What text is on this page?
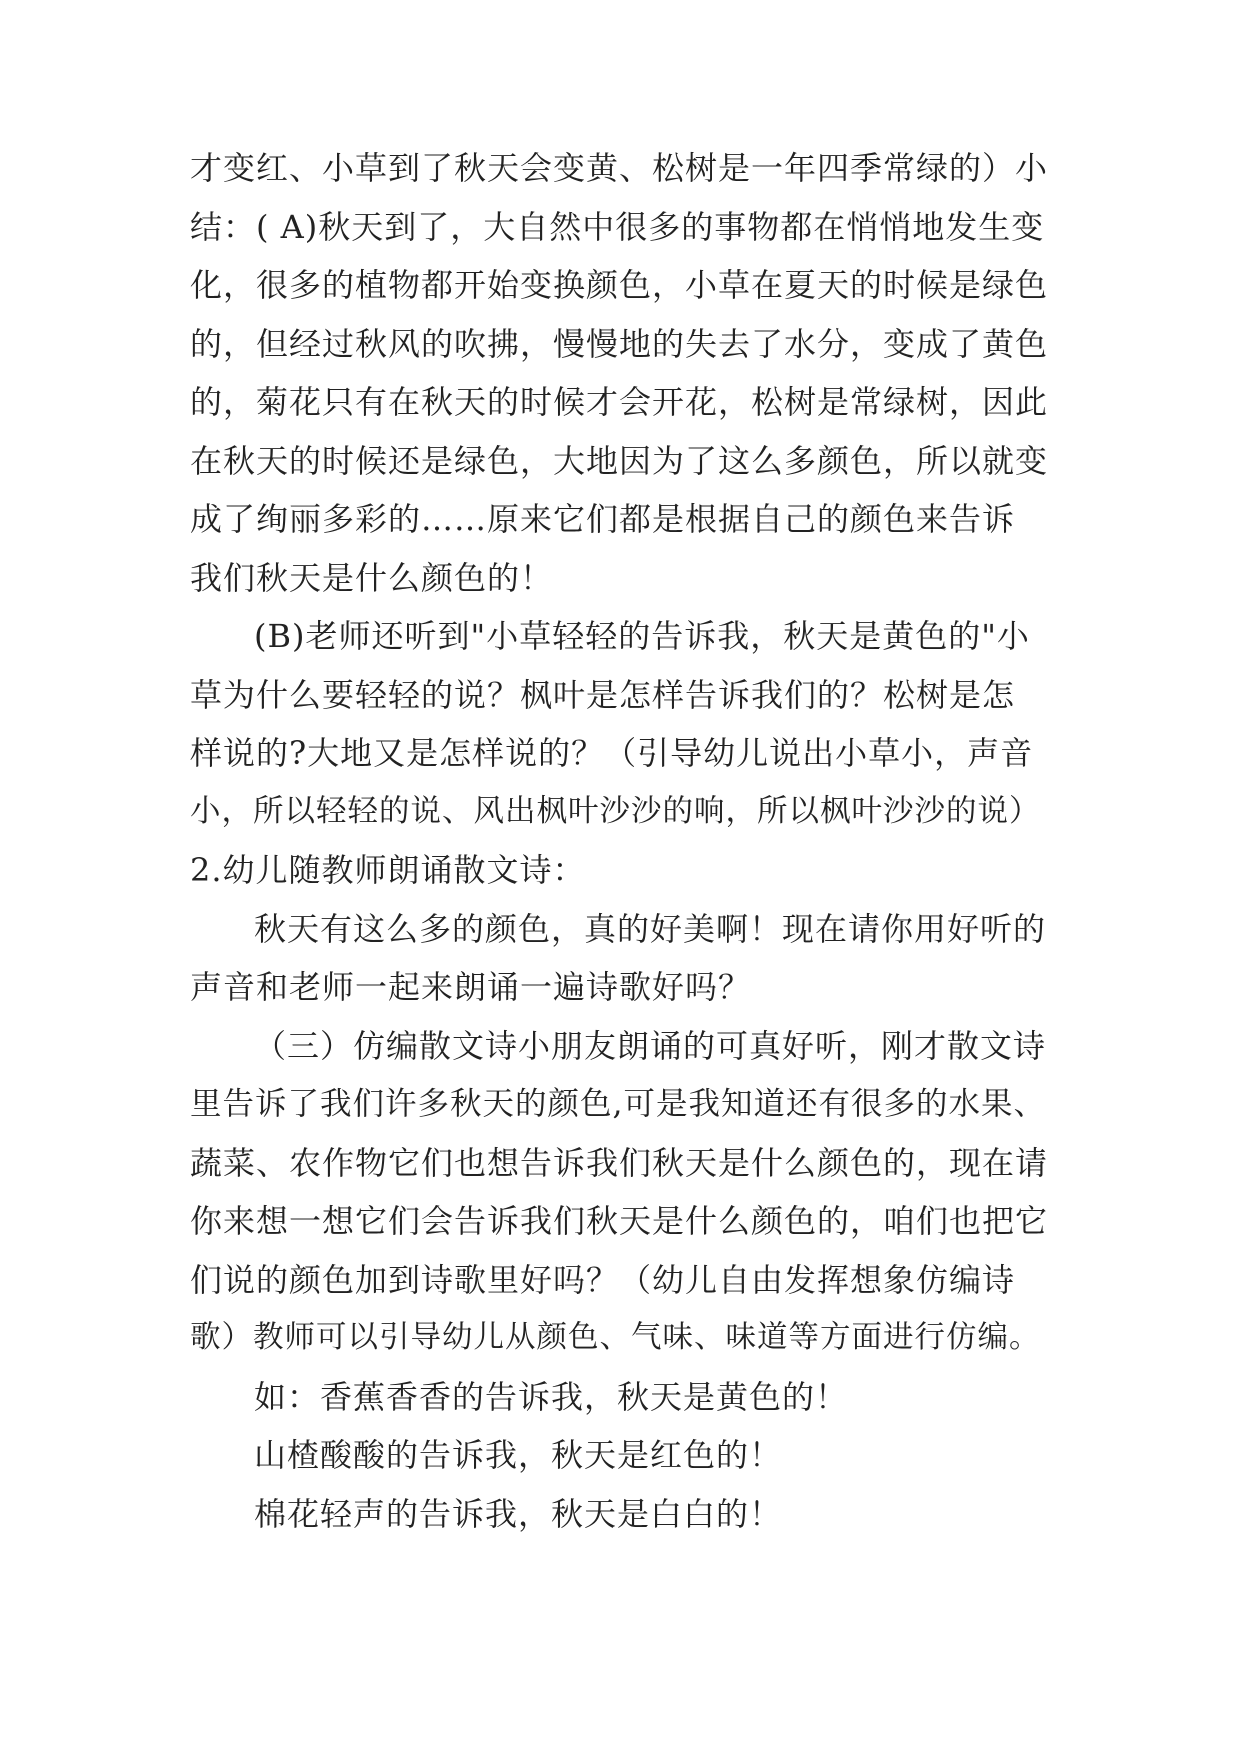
才变红、小草到了秋天会变黄、松树是一年四季常绿的）小
结：( A)秋天到了，大自然中很多的事物都在悄悄地发生变
化，很多的植物都开始变换颜色，小草在夏天的时候是绿色
的，但经过秋风的吹拂，慢慢地的失去了水分，变成了黄色
的，菊花只有在秋天的时候才会开花，松树是常绿树，因此
在秋天的时候还是绿色，大地因为了这么多颜色，所以就变
成了绚丽多彩的……原来它们都是根据自己的颜色来告诉
我们秋天是什么颜色的！
(B)老师还听到"小草轻轻的告诉我，秋天是黄色的"小
草为什么要轻轻的说？枫叶是怎样告诉我们的？松树是怎
样说的?大地又是怎样说的？（引导幼儿说出小草小，声音
小，所以轻轻的说、风出枫叶沙沙的响，所以枫叶沙沙的说）
2.幼儿随教师朗诵散文诗：
秋天有这么多的颜色，真的好美啊！现在请你用好听的
声音和老师一起来朗诵一遍诗歌好吗？
（三）仿编散文诗小朋友朗诵的可真好听，刚才散文诗
里告诉了我们许多秋天的颜色,可是我知道还有很多的水果、
蔬菜、农作物它们也想告诉我们秋天是什么颜色的，现在请
你来想一想它们会告诉我们秋天是什么颜色的，咱们也把它
们说的颜色加到诗歌里好吗？（幼儿自由发挥想象仿编诗
歌）教师可以引导幼儿从颜色、气味、味道等方面进行仿编。
如：香蕉香香的告诉我，秋天是黄色的！
山楂酸酸的告诉我，秋天是红色的！
棉花轻声的告诉我，秋天是白白的！
